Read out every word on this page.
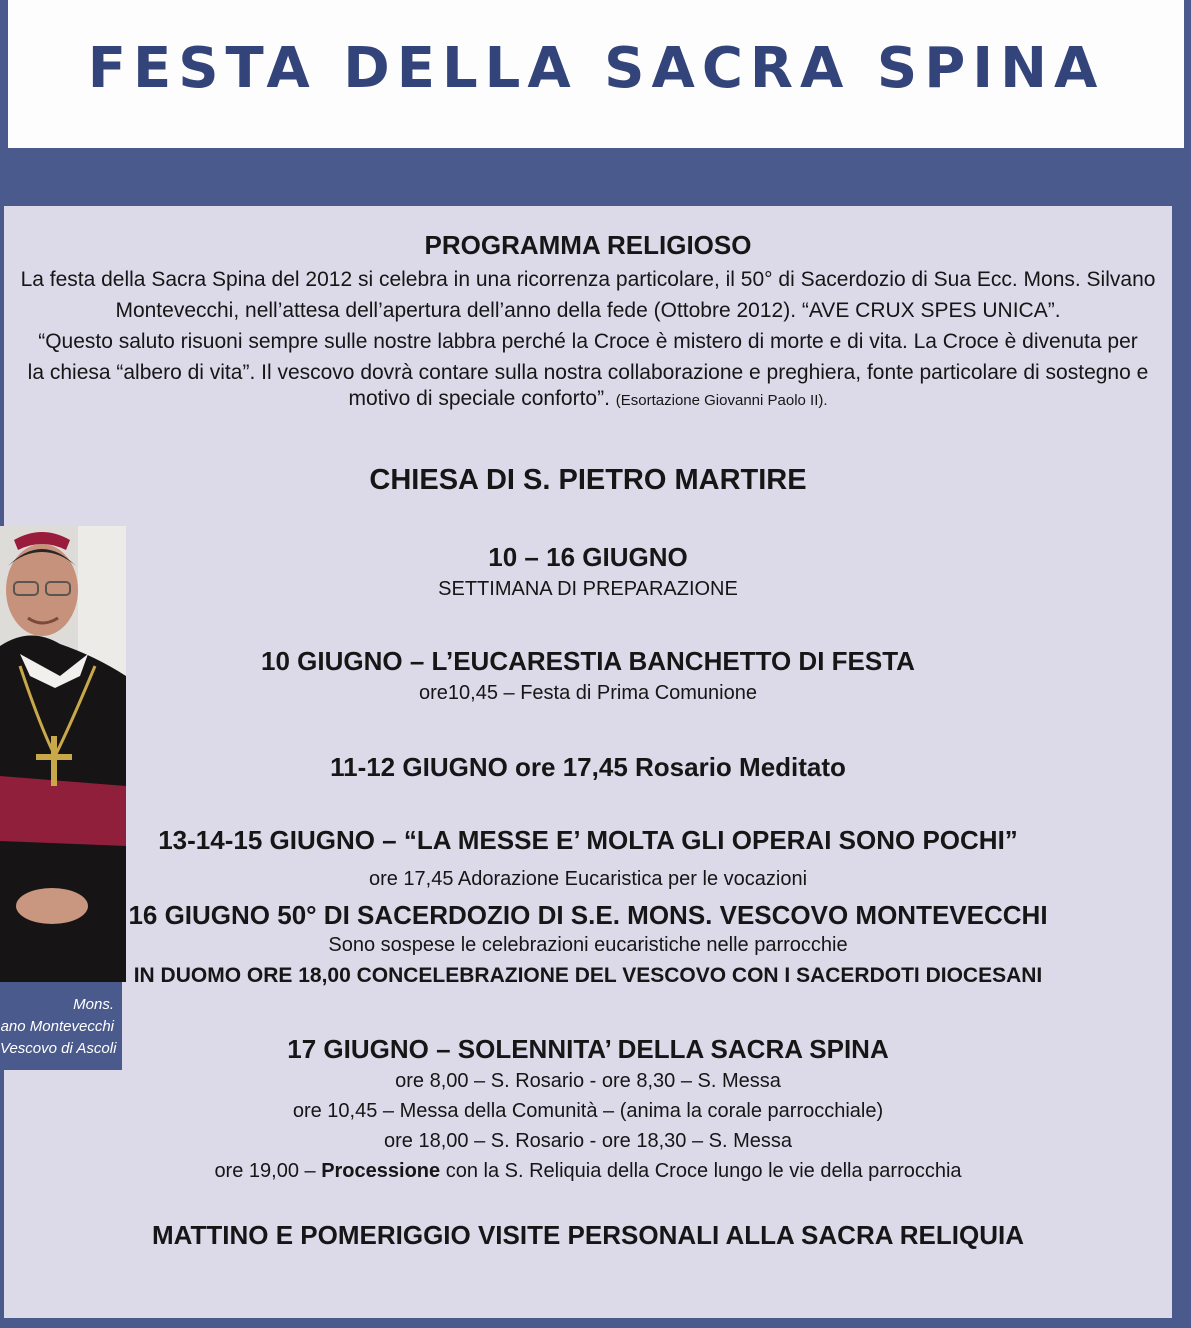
FESTA DELLA SACRA SPINA
PROGRAMMA RELIGIOSO
La festa della Sacra Spina del 2012 si celebra in una ricorrenza particolare, il 50° di Sacerdozio di Sua Ecc. Mons. Silvano
Montevecchi, nell’attesa dell’apertura dell’anno della fede (Ottobre 2012). “AVE CRUX SPES UNICA”.
“Questo saluto risuoni sempre sulle nostre labbra perché la Croce è mistero di morte e di vita. La Croce è divenuta per
la chiesa “albero di vita”. Il vescovo dovrà contare sulla nostra collaborazione e preghiera, fonte particolare di sostegno e
motivo di speciale conforto”. (Esortazione Giovanni Paolo II).
CHIESA DI S. PIETRO MARTIRE
10 – 16 GIUGNO
SETTIMANA DI PREPARAZIONE
10 GIUGNO – L’EUCARESTIA BANCHETTO DI FESTA
ore10,45 – Festa di Prima Comunione
11-12 GIUGNO ore 17,45 Rosario Meditato
13-14-15 GIUGNO – “LA MESSE E’ MOLTA GLI OPERAI SONO POCHI”
ore 17,45 Adorazione Eucaristica per le vocazioni
16 GIUGNO 50° DI SACERDOZIO DI S.E. MONS. VESCOVO MONTEVECCHI
Sono sospese le celebrazioni eucaristiche nelle parrocchie
IN DUOMO ORE 18,00 CONCELEBRAZIONE DEL VESCOVO CON I SACERDOTI DIOCESANI
17 GIUGNO – SOLENNITA’ DELLA SACRA SPINA
ore 8,00 – S. Rosario - ore 8,30 – S. Messa
ore 10,45 – Messa della Comunità – (anima la corale parrocchiale)
ore 18,00 – S. Rosario - ore 18,30 – S. Messa
ore 19,00 – Processione con la S. Reliquia della Croce lungo le vie della parrocchia
MATTINO E POMERIGGIO VISITE PERSONALI ALLA SACRA RELIQUIA
Mons.
ano Montevecchi
Vescovo di Ascoli
